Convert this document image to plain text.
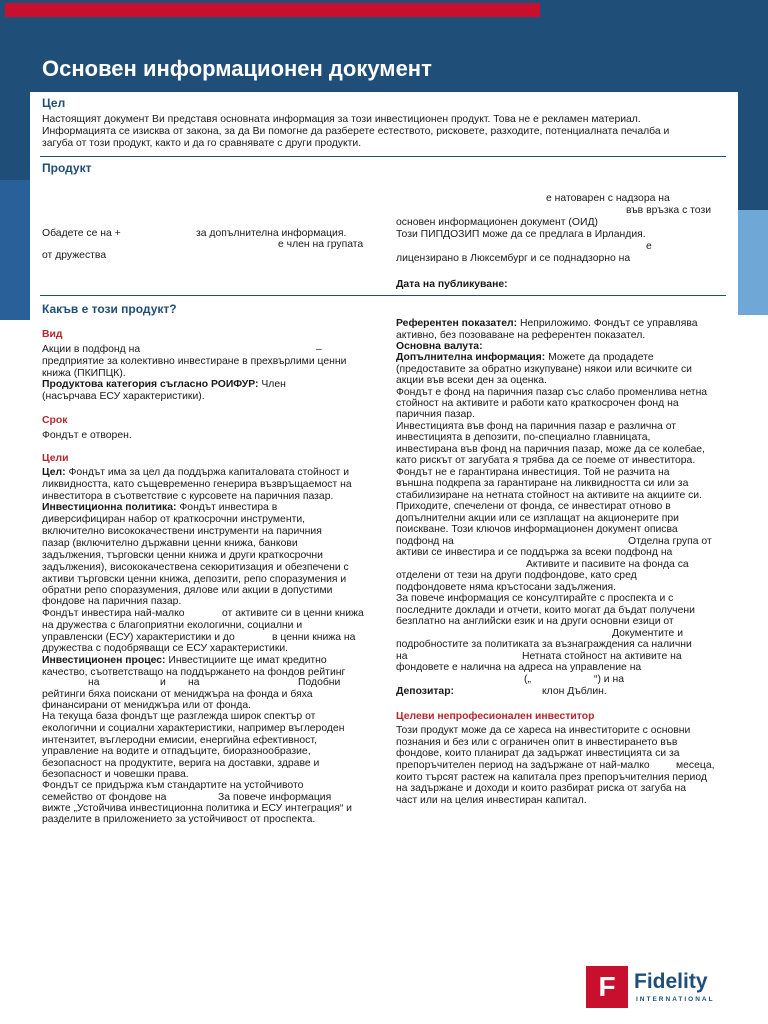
Основен информационен документ

Цел

Настоящият документ Ви представя основната информация за този инвестиционен продукт. Това не е рекламен материал.

Информацията се изисква от закона, за да Ви помогне да разберете естеството, рисковете, разходите, потенциалната печалба и

загуба от този продукт, както и да го сравнявате с други продукти.

Продукт

е натоварен с надзора на

във връзка с този

основен информационен документ (ОИД)

Обадете се на +	за допълнителна информация.	Този ПИПДОЗИП може да се предлага в Ирландия.

е член на групата	е

от дружества	лицензирано в Люксембург и се поднадзорно на

Дата на публикуване:

Какъв е този продукт?

Вид

Акции в подфонд на	–

предприятие за колективно инвестиране в прехвърлими ценни

книжа (ПКИПЦК).

Продуктова категория съгласно РОИФУР: Член

(насърчава ЕСУ характеристики).

Срок

Фондът е отворен.

Цели

Цел: Фондът има за цел да поддържа капиталовата стойност и

ликвидността, като същевременно генерира възвръщаемост на

инвеститора в съответствие с курсовете на паричния пазар.

Инвестиционна политика: Фондът инвестира в

диверсифициран набор от краткосрочни инструменти,

включително висококачествени инструменти на паричния

пазар (включително държавни ценни книжа, банкови

задължения, търговски ценни книжа и други краткосрочни

задължения), висококачествена секюритизация и обезпечени с

активи търговски ценни книжа, депозити, репо споразумения и

обратни репо споразумения, дялове или акции в допустими

фондове на паричния пазар.

Фондът инвестира най-малко	от активите си в ценни книжа

на дружества с благоприятни екологични, социални и

управленски (ЕСУ) характеристики и до	в ценни книжа на

дружества с подобряващи се ЕСУ характеристики.

Инвестиционен процес: Инвестициите ще имат кредитно

качество, съответстващо на поддържането на фондов рейтинг

на	и на	Подобни

рейтинги бяха поискани от мениджъра на фонда и бяха

финансирани от мениджъра или от фонда.

На текуща база фондът ще разглежда широк спектър от

екологични и социални характеристики, например въглероден

интензитет, въглеродни емисии, енергийна ефективност,

управление на водите и отпадъците, биоразнообразие,

безопасност на продуктите, верига на доставки, здраве и

безопасност и човешки права.

Фондът се придържа към стандартите на устойчивото

семейство от фондове на	За повече информация

вижте „Устойчива инвестиционна политика и ЕСУ интеграция“ и

разделите в приложението за устойчивост от проспекта.

Референтен показател: Неприложимо. Фондът се управлява

активно, без позоваване на референтен показател.

Основна валута:

Допълнителна информация: Можете да продадете

(предоставите за обратно изкупуване) някои или всичките си

акции във всеки ден за оценка.

Фондът е фонд на паричния пазар със слабо променлива нетна

стойност на активите и работи като краткосрочен фонд на

паричния пазар.

Инвестицията във фонд на паричния пазар е различна от

инвестицията в депозити, по-специално главницата,

инвестирана във фонд на паричния пазар, може да се колебае,

като рискът от загубата я трябва да се поеме от инвеститора.

Фондът не е гарантирана инвестиция. Той не разчита на

външна подкрепа за гарантиране на ликвидността си или за

стабилизиране на нетната стойност на активите на акциите си.

Приходите, спечелени от фонда, се инвестират отново в

допълнителни акции или се изплащат на акционерите при

поискване. Този ключов информационен документ описва

подфонд на	Отделна група от

активи се инвестира и се поддържа за всеки подфонд на

Активите и пасивите на фонда са

отделени от тези на други подфондове, като сред

подфондовете няма кръстосани задължения.

За повече информация се консултирайте с проспекта и с

последните доклади и отчети, които могат да бъдат получени

безплатно на английски език и на други основни езици от

Документите и

подробностите за политиката за възнаграждения са налични

на	Нетната стойност на активите на

фондовете е налична на адреса на управление на

(„	“) и на

Депозитар:	клон Дъблин.

Целеви непрофесионален инвеститор

Този продукт може да се хареса на инвеститорите с основни

познания и без или с ограничен опит в инвестирането във

фондове, които планират да задържат инвестицията си за

препоръчителен период на задържане от най-малко	месеца,

които търсят растеж на капитала през препоръчителния период

на задържане и доходи и които разбират риска от загуба на

част или на целия инвестиран капитал.

F Fidelity
INTERNATIONAL
